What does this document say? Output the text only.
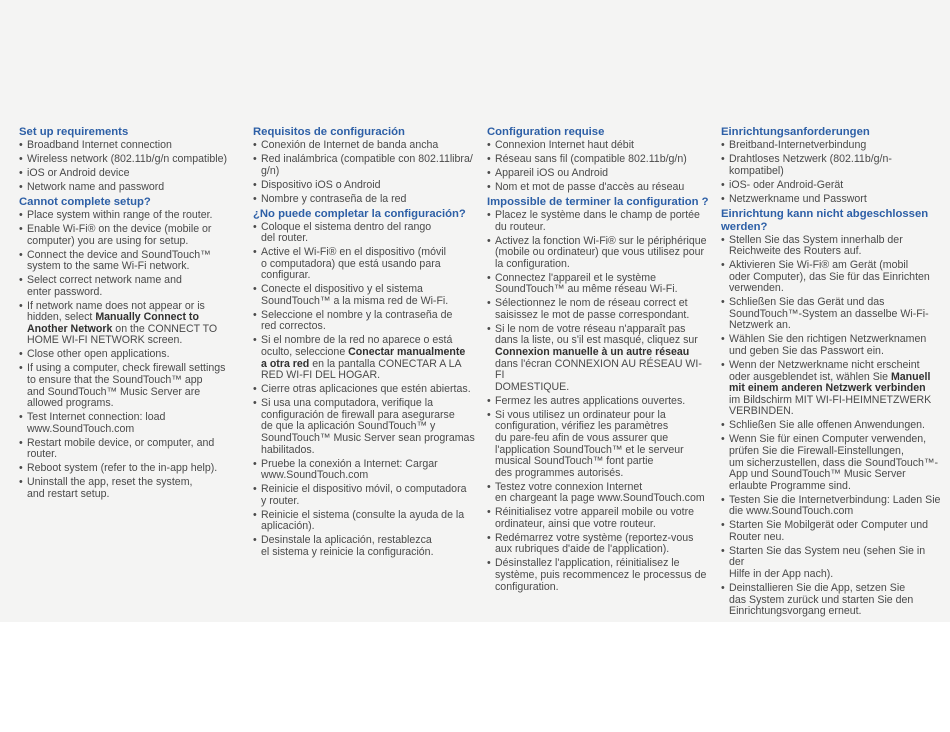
Set up requirements
• Broadband Internet connection
• Wireless network (802.11b/g/n compatible)
• iOS or Android device
• Network name and password
Cannot complete setup?
• Place system within range of the router.
• Enable Wi-Fi® on the device (mobile or
computer) you are using for setup.
• Connect the device and SoundTouch™
system to the same Wi-Fi network.
• Select correct network name and
enter password.
• If network name does not appear or is
hidden, select Manually Connect to
Another Network on the CONNECT TO
HOME WI-FI NETWORK screen.
• Close other open applications.
• If using a computer, check firewall settings
to ensure that the SoundTouch™ app
and SoundTouch™ Music Server are
allowed programs.
• Test Internet connection: load
www.SoundTouch.com
• Restart mobile device, or computer, and router.
• Reboot system (refer to the in-app help).
• Uninstall the app, reset the system,
and restart setup.
Requisitos de configuración
• Conexión de Internet de banda ancha
• Red inalámbrica (compatible con 802.11libra/
g/n)
• Dispositivo iOS o Android
• Nombre y contraseña de la red
¿No puede completar la configuración?
• Coloque el sistema dentro del rango
del router.
• Active el Wi-Fi® en el dispositivo (móvil
o computadora) que está usando para
configurar.
• Conecte el dispositivo y el sistema
SoundTouch™ a la misma red de Wi-Fi.
• Seleccione el nombre y la contraseña de
red correctos.
• Si el nombre de la red no aparece o está
oculto, seleccione Conectar manualmente
a otra red en la pantalla CONECTAR A LA
RED WI-FI DEL HOGAR.
• Cierre otras aplicaciones que estén abiertas.
• Si usa una computadora, verifique la
configuración de firewall para asegurarse
de que la aplicación SoundTouch™ y
SoundTouch™ Music Server sean programas
habilitados.
• Pruebe la conexión a Internet: Cargar
www.SoundTouch.com
• Reinicie el dispositivo móvil, o computadora
y router.
• Reinicie el sistema (consulte la ayuda de la
aplicación).
• Desinstale la aplicación, restablezca
el sistema y reinicie la configuración.
Configuration requise
• Connexion Internet haut débit
• Réseau sans fil (compatible 802.11b/g/n)
• Appareil iOS ou Android
• Nom et mot de passe d'accès au réseau
Impossible de terminer la configuration ?
• Placez le système dans le champ de portée
du routeur.
• Activez la fonction Wi-Fi® sur le périphérique
(mobile ou ordinateur) que vous utilisez pour
la configuration.
• Connectez l'appareil et le système
SoundTouch™ au même réseau Wi-Fi.
• Sélectionnez le nom de réseau correct et
saisissez le mot de passe correspondant.
• Si le nom de votre réseau n'apparaît pas
dans la liste, ou s'il est masqué, cliquez sur
Connexion manuelle à un autre réseau
dans l'écran CONNEXION AU RÉSEAU WI-FI
DOMESTIQUE.
• Fermez les autres applications ouvertes.
• Si vous utilisez un ordinateur pour la
configuration, vérifiez les paramètres
du pare-feu afin de vous assurer que
l'application SoundTouch™ et le serveur
musical SoundTouch™ font partie
des programmes autorisés.
• Testez votre connexion Internet
en chargeant la page www.SoundTouch.com
• Réinitialisez votre appareil mobile ou votre
ordinateur, ainsi que votre routeur.
• Redémarrez votre système (reportez-vous
aux rubriques d'aide de l'application).
• Désinstallez l'application, réinitialisez le
système, puis recommencez le processus de
configuration.
Einrichtungsanforderungen
• Breitband-Internetverbindung
• Drahtloses Netzwerk (802.11b/g/n-
kompatibel)
• iOS- oder Android-Gerät
• Netzwerkname und Passwort
Einrichtung kann nicht abgeschlossen
werden?
• Stellen Sie das System innerhalb der
Reichweite des Routers auf.
• Aktivieren Sie Wi-Fi® am Gerät (mobil
oder Computer), das Sie für das Einrichten
verwenden.
• Schließen Sie das Gerät und das
SoundTouch™-System an dasselbe Wi-Fi-
Netzwerk an.
• Wählen Sie den richtigen Netzwerknamen
und geben Sie das Passwort ein.
• Wenn der Netzwerkname nicht erscheint
oder ausgeblendet ist, wählen Sie Manuell
mit einem anderen Netzwerk verbinden
im Bildschirm MIT WI-FI-HEIMNETZWERK
VERBINDEN.
• Schließen Sie alle offenen Anwendungen.
• Wenn Sie für einen Computer verwenden,
prüfen Sie die Firewall-Einstellungen,
um sicherzustellen, dass die SoundTouch™-
App und SoundTouch™ Music Server
erlaubte Programme sind.
• Testen Sie die Internetverbindung: Laden Sie
die www.SoundTouch.com
• Starten Sie Mobilgerät oder Computer und
Router neu.
• Starten Sie das System neu (sehen Sie in der
Hilfe in der App nach).
• Deinstallieren Sie die App, setzen Sie
das System zurück und starten Sie den
Einrichtungsvorgang erneut.
